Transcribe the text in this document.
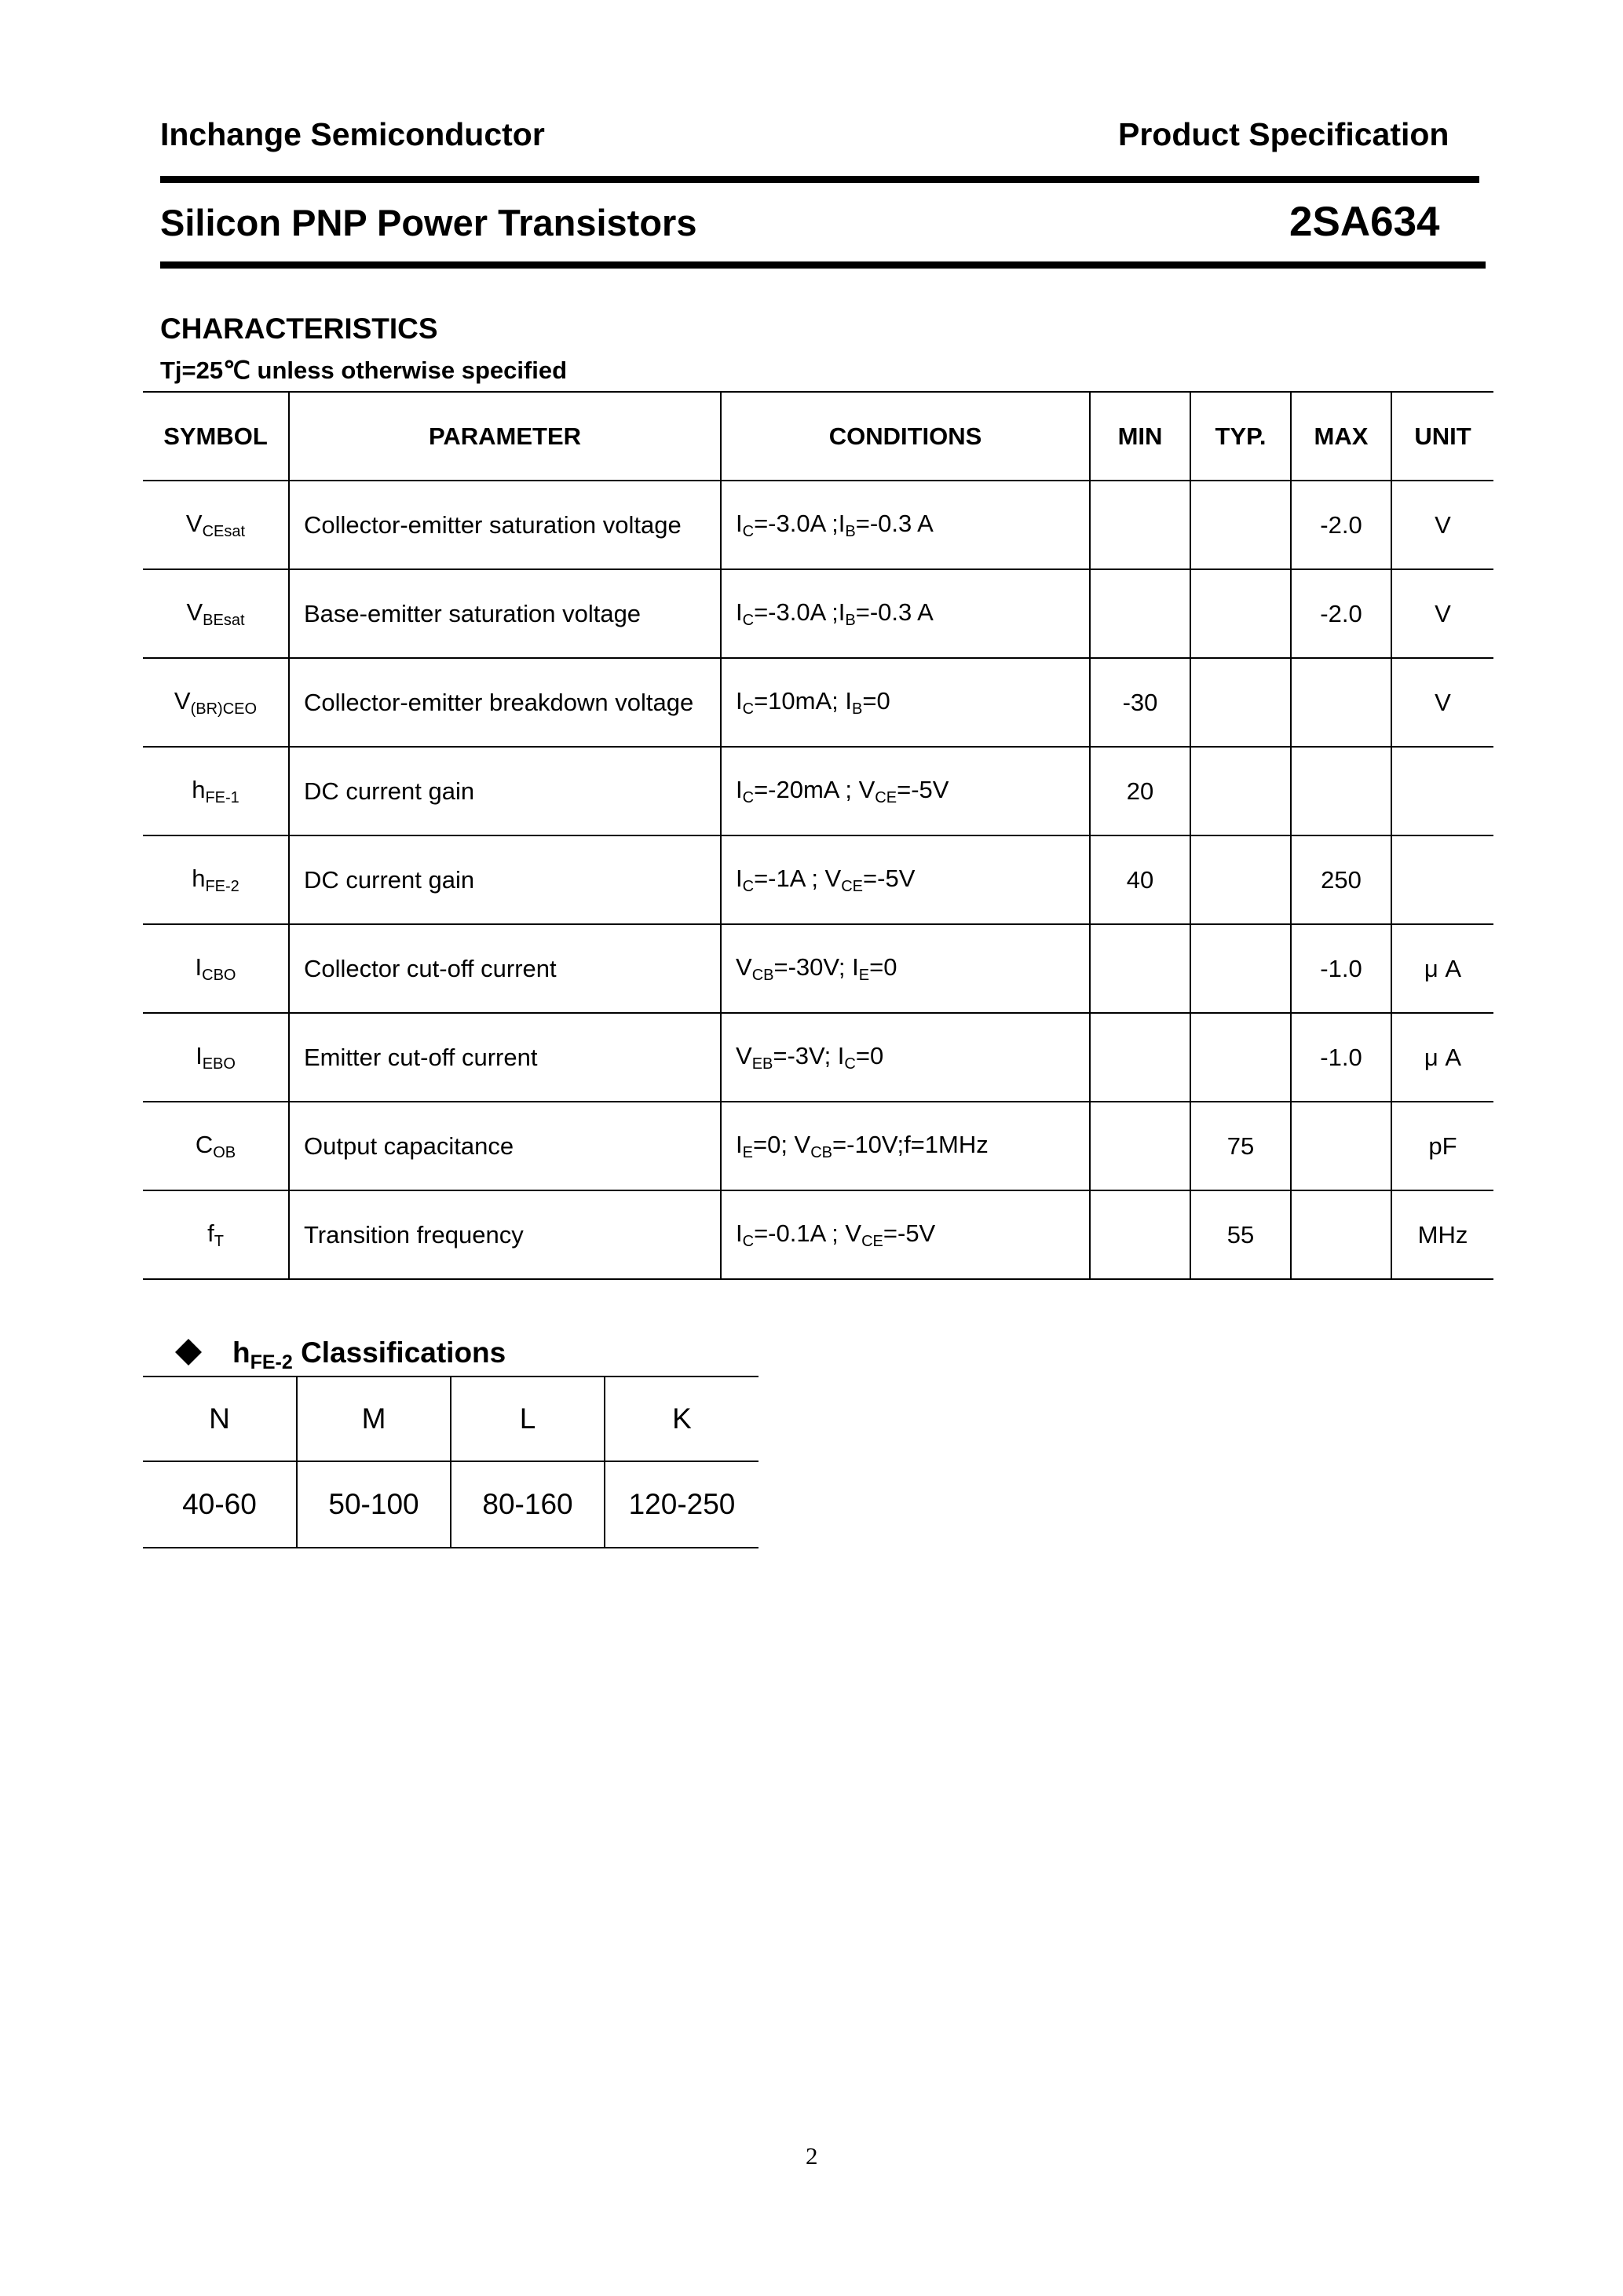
Inchange Semiconductor	Product Specification
Silicon PNP Power Transistors	2SA634
CHARACTERISTICS
Tj=25℃ unless otherwise specified
SYMBOL	PARAMETER	CONDITIONS	MIN	TYP.	MAX	UNIT
$V_{CEsat}$	Collector-emitter saturation voltage	$I_C=-3.0A$ $;I_B=-0.3$ A			-2.0	V
$V_{BEsat}$	Base-emitter saturation voltage	$I_C=-3.0A$ $;I_B=-0.3$ A			-2.0	V
$V_{(BR)CEO}$	Collector-emitter breakdown voltage	$I_C=10mA$; $I_B=0$	-30			V
$h_{FE-1}$	DC current gain	$I_C=-20mA$ ; $V_{CE}=-5V$	20			
$h_{FE-2}$	DC current gain	$I_C=-1A$ ; $V_{CE}=-5V$	40		250	
$I_{CBO}$	Collector cut-off current	$V_{CB}=-30V$; $I_E=0$			-1.0	μ A
$I_{EBO}$	Emitter cut-off current	$V_{EB}=-3V$; $I_C=0$			-1.0	μ A
$C_{OB}$	Output capacitance	$I_E=0$; $V_{CB}=-10V;f=1MHz$		75		pF
$f_T$	Transition frequency	$I_C=-0.1A$ ; $V_{CE}=-5V$		55		MHz
$h_{FE-2}$ Classifications
N	M	L	K
40-60	50-100	80-160	120-250
2
